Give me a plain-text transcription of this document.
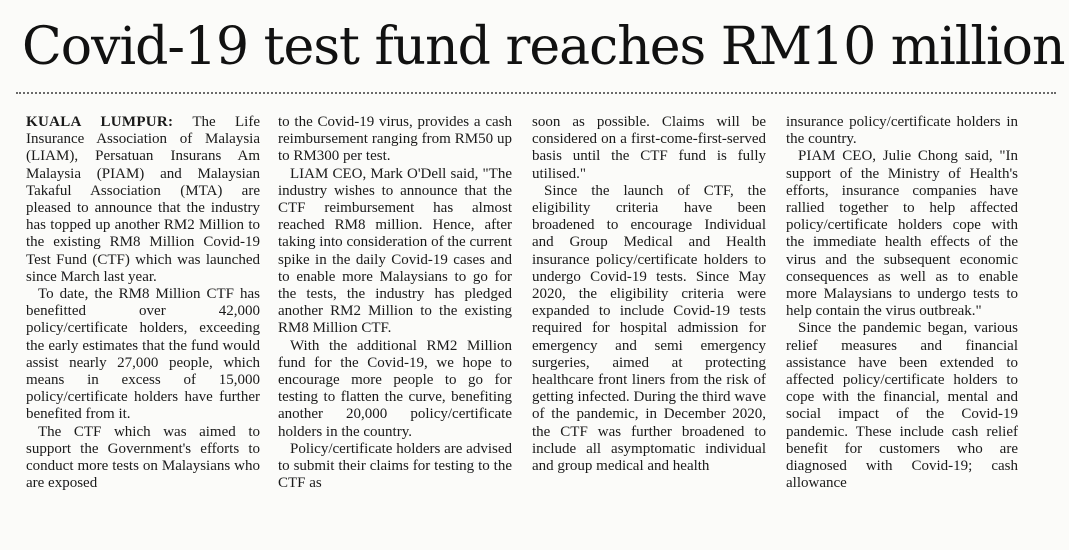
Covid-19 test fund reaches RM10 million

KUALA LUMPUR: The Life Insurance Association of Malaysia (LIAM), Persatuan Insurans Am Malaysia (PIAM) and Malaysian Takaful Association (MTA) are pleased to announce that the industry has topped up another RM2 Million to the existing RM8 Million Covid-19 Test Fund (CTF) which was launched since March last year.

To date, the RM8 Million CTF has benefitted over 42,000 policy/certificate holders, exceeding the early estimates that the fund would assist nearly 27,000 people, which means in excess of 15,000 policy/certificate holders have further benefited from it.

The CTF which was aimed to support the Government's efforts to conduct more tests on Malaysians who are exposed

to the Covid-19 virus, provides a cash reimbursement ranging from RM50 up to RM300 per test.

LIAM CEO, Mark O'Dell said, "The industry wishes to announce that the CTF reimbursement has almost reached RM8 million. Hence, after taking into consideration of the current spike in the daily Covid-19 cases and to enable more Malaysians to go for the tests, the industry has pledged another RM2 Million to the existing RM8 Million CTF.

With the additional RM2 Million fund for the Covid-19, we hope to encourage more people to go for testing to flatten the curve, benefiting another 20,000 policy/certificate holders in the country.

Policy/certificate holders are advised to submit their claims for testing to the CTF as

soon as possible. Claims will be considered on a first-come-first-served basis until the CTF fund is fully utilised."

Since the launch of CTF, the eligibility criteria have been broadened to encourage Individual and Group Medical and Health insurance policy/certificate holders to undergo Covid-19 tests. Since May 2020, the eligibility criteria were expanded to include Covid-19 tests required for hospital admission for emergency and semi emergency surgeries, aimed at protecting healthcare front liners from the risk of getting infected. During the third wave of the pandemic, in December 2020, the CTF was further broadened to include all asymptomatic individual and group medical and health

insurance policy/certificate holders in the country.

PIAM CEO, Julie Chong said, "In support of the Ministry of Health's efforts, insurance companies have rallied together to help affected policy/certificate holders cope with the immediate health effects of the virus and the subsequent economic consequences as well as to enable more Malaysians to undergo tests to help contain the virus outbreak."

Since the pandemic began, various relief measures and financial assistance have been extended to affected policy/certificate holders to cope with the financial, mental and social impact of the Covid-19 pandemic. These include cash relief benefit for customers who are diagnosed with Covid-19; cash allowance
